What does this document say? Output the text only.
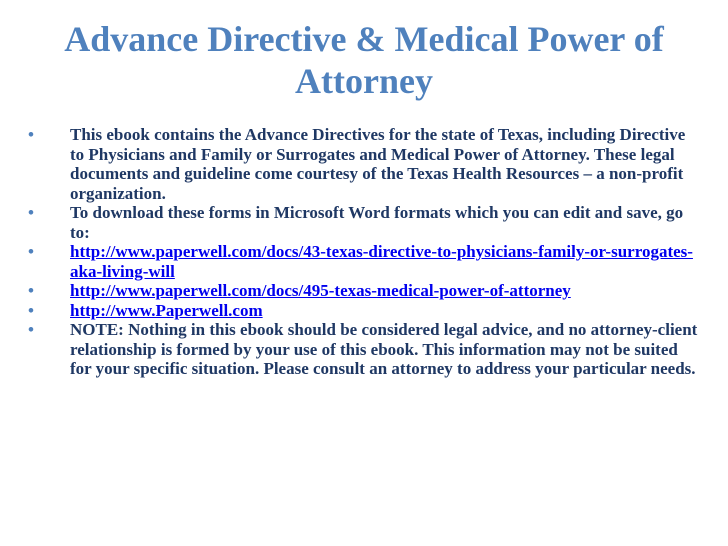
Advance Directive & Medical Power of Attorney
•	This ebook contains the Advance Directives for the state of Texas, including Directive to Physicians and Family or Surrogates and Medical Power of Attorney. These legal documents and guideline come courtesy of the Texas Health Resources – a non-profit organization.
•	To download these forms in Microsoft Word formats which you can edit and save, go to:
•	http://www.paperwell.com/docs/43-texas-directive-to-physicians-family-or-surrogates-aka-living-will
•	http://www.paperwell.com/docs/495-texas-medical-power-of-attorney
•	http://www.Paperwell.com
•	NOTE: Nothing in this ebook should be considered legal advice, and no attorney-client relationship is formed by your use of this ebook. This information may not be suited for your specific situation. Please consult an attorney to address your particular needs.
